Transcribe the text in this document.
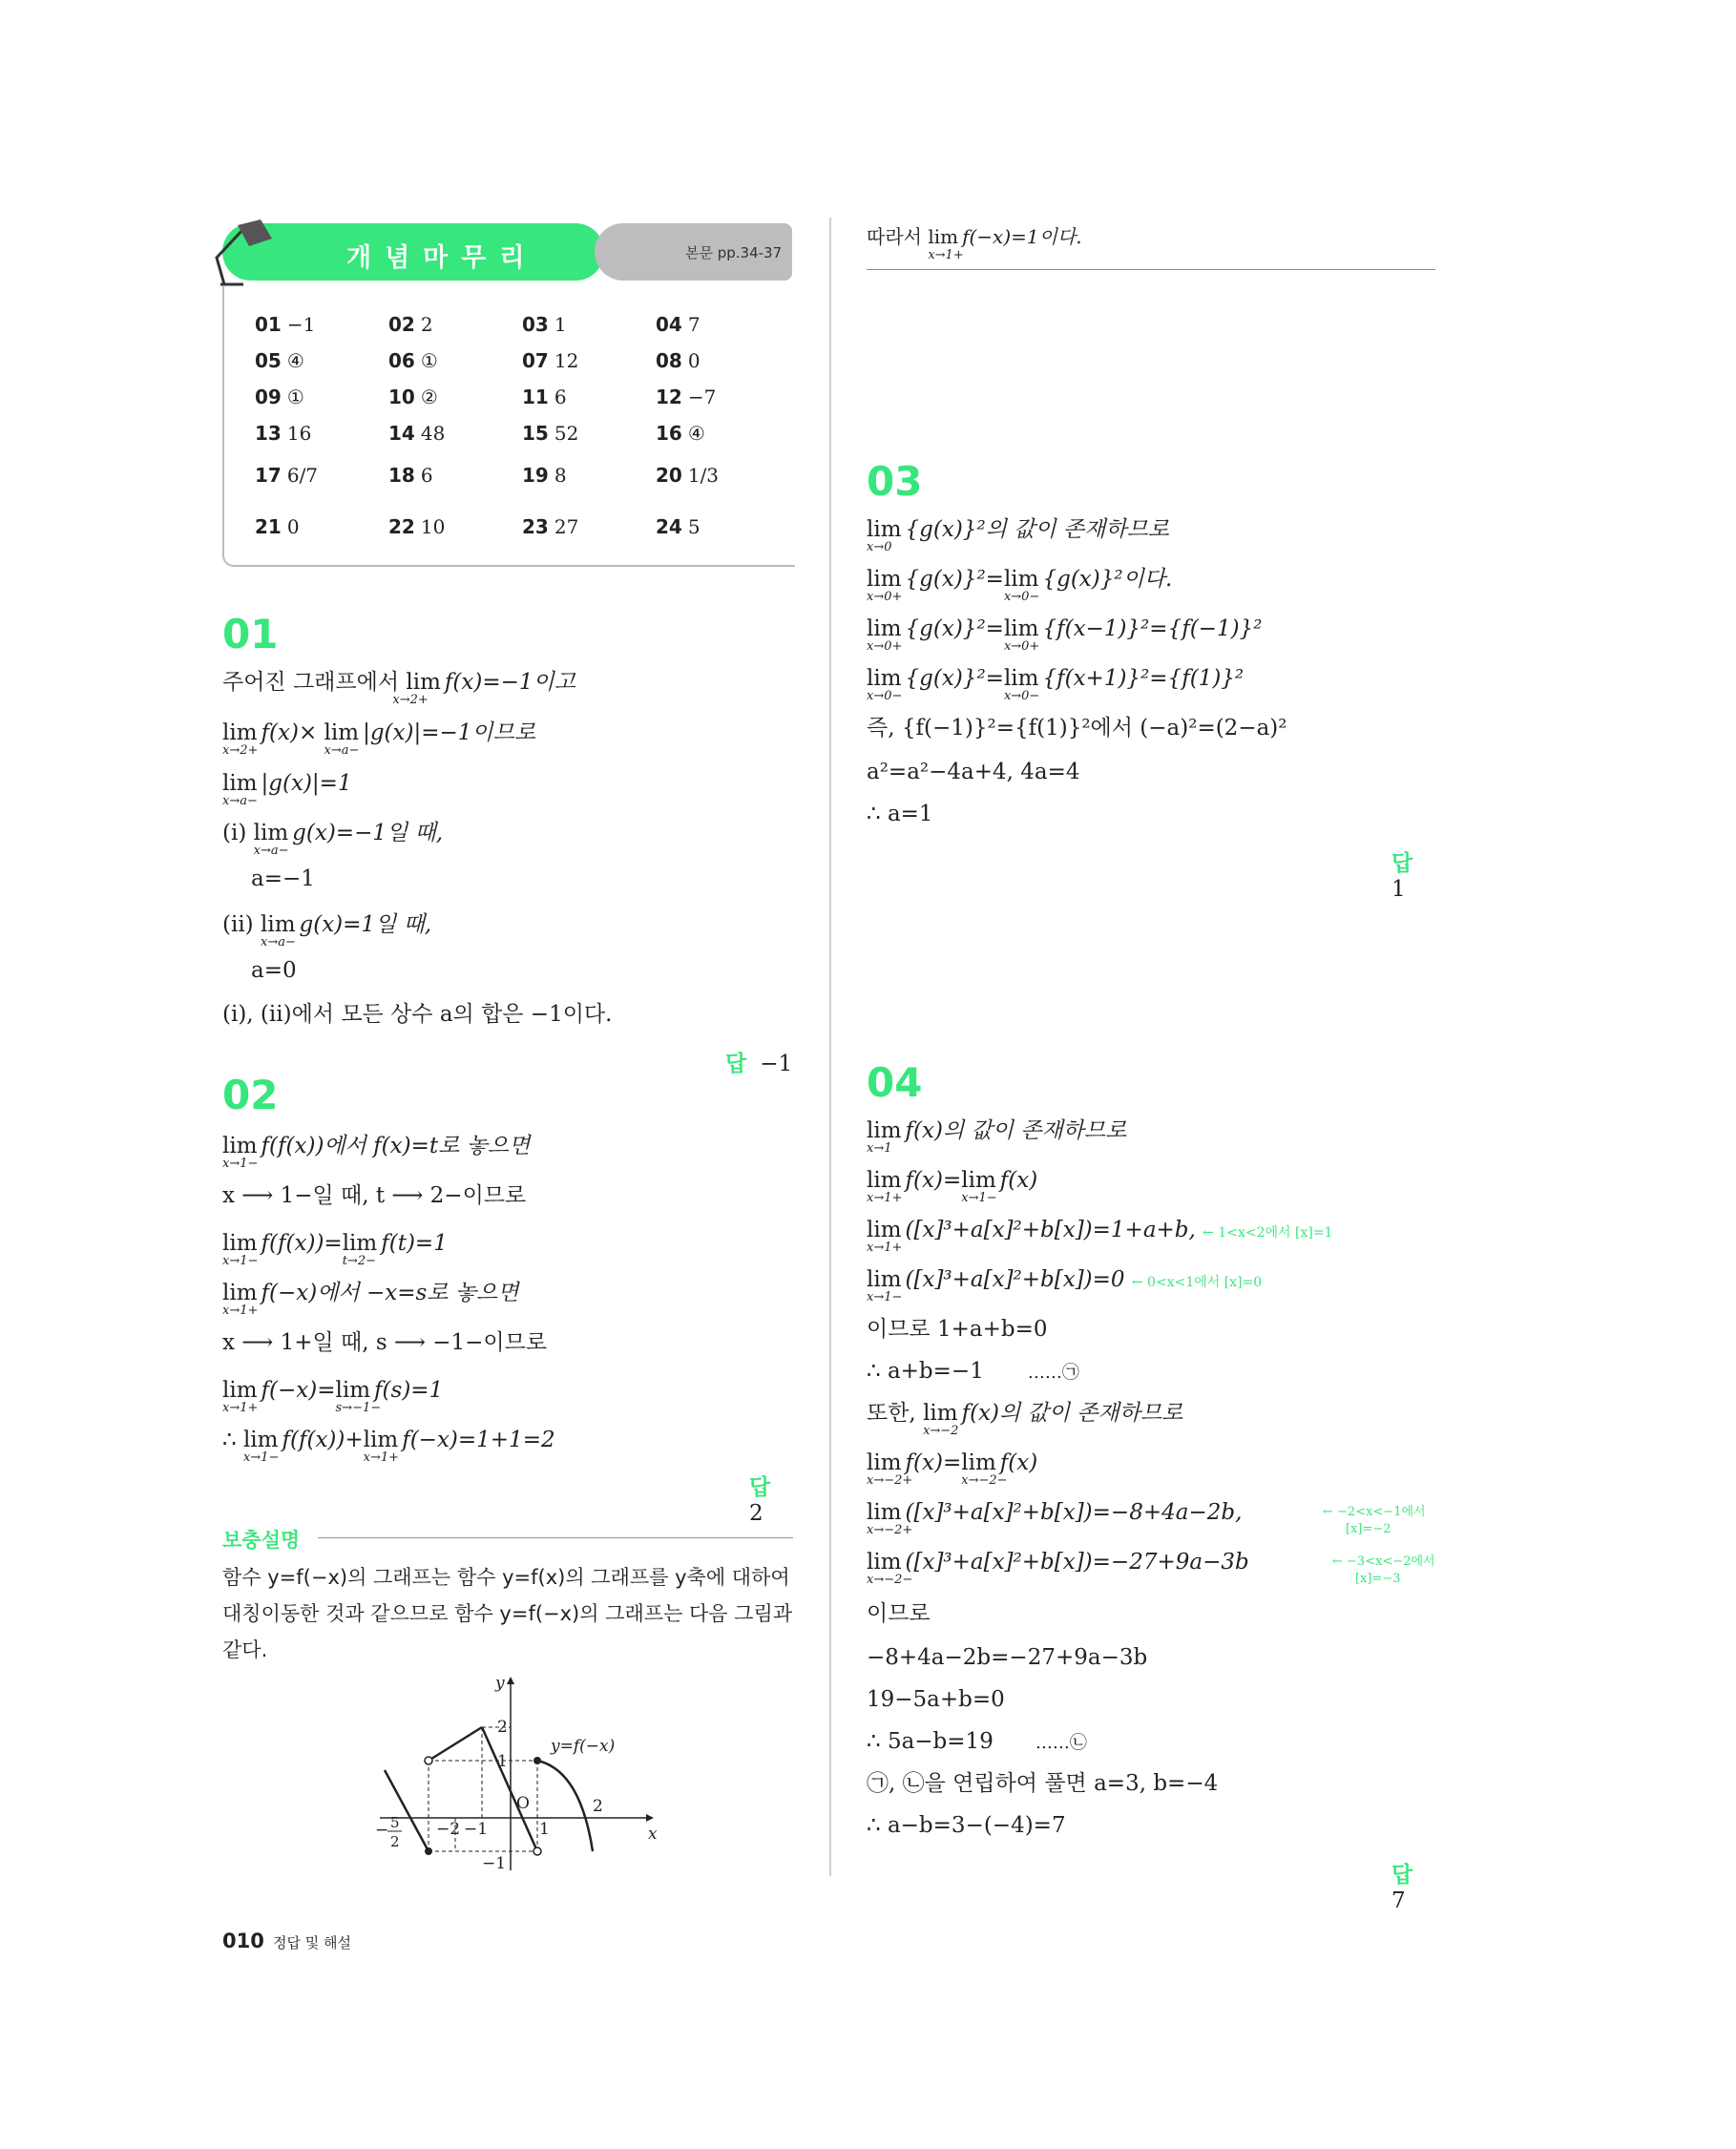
개념마무리	본문 pp.34-37
01 −1	02 2	03 1	04 7
05 ④	06 ①	07 12	08 0
09 ①	10 ②	11 6	12 −7
13 16	14 48	15 52	16 ④
17 6/7	18 6	19 8	20 1/3
21 0	22 10	23 27	24 5
01
주어진 그래프에서 lim
x→2+
f(x)=−1이고
lim
x→2+
f(x)× lim
x→a−
|g(x)|=−1이므로
lim
x→a−
|g(x)|=1
(ⅰ) lim
x→a−
g(x)=−1일 때,
a=−1
(ⅱ) lim
x→a−
g(x)=1일 때,
a=0
(ⅰ), (ⅱ)에서 모든 상수 a의 합은 −1이다.
답 −1
02
lim
x→1−
f(f(x))에서 f(x)=t로 놓으면
x ⟶ 1−일 때, t ⟶ 2−이므로
lim
x→1−
f(f(x))=lim
t→2−
f(t)=1
lim
x→1+
f(−x)에서 −x=s로 놓으면
x ⟶ 1+일 때, s ⟶ −1−이므로
lim
x→1+
f(−x)=lim
s→−1−
f(s)=1
∴ lim
x→1−
f(f(x))+lim
x→1+
f(−x)=1+1=2
답2
보충설명
함수 y=f(−x)의 그래프는 함수 y=f(x)의 그래프를 y축에 대하여 대칭이동한 것과 같으므로 함수 y=f(−x)의 그래프는 다음 그림과 같다.
y
x
O
2
1
−2 −1	1
2
−1
− 5
2
y=f(−x)
따라서 lim
x→1+
f(−x)=1이다.
03
lim
x→0
{g(x)}²의 값이 존재하므로
lim
x→0+
{g(x)}²=lim
x→0−
{g(x)}²이다.
lim
x→0+
{g(x)}²=lim
x→0+
{f(x−1)}²={f(−1)}²
lim
x→0−
{g(x)}²=lim
x→0−
{f(x+1)}²={f(1)}²
즉, {f(−1)}²={f(1)}²에서 (−a)²=(2−a)²
a²=a²−4a+4, 4a=4
∴ a=1
답1
04
lim
x→1
f(x)의 값이 존재하므로
lim
x→1+
f(x)=lim
x→1−
f(x)
lim
x→1+
([x]³+a[x]²+b[x])=1+a+b, ← 1<x<2에서 [x]=1
lim
x→1−
([x]³+a[x]²+b[x])=0 ← 0<x<1에서 [x]=0
이므로 1+a+b=0
∴ a+b=−1	……㉠
또한, lim
x→−2
f(x)의 값이 존재하므로
lim
x→−2+
f(x)=lim
x→−2−
f(x)
lim
x→−2+
([x]³+a[x]²+b[x])=−8+4a−2b,	← −2<x<−1에서
[x]=−2
lim
x→−2−
([x]³+a[x]²+b[x])=−27+9a−3b	← −3<x<−2에서
[x]=−3
이므로
−8+4a−2b=−27+9a−3b
19−5a+b=0
∴ 5a−b=19 ……㉡
㉠, ㉡을 연립하여 풀면 a=3, b=−4
∴ a−b=3−(−4)=7
답7
010 정답 및 해설
